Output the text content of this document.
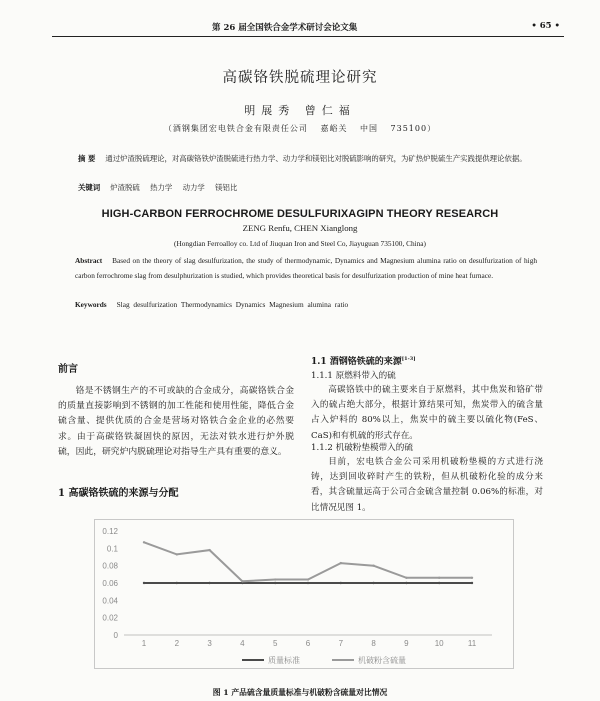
第 26 届全国铁合金学术研讨会论文集	• 65 •
高碳铬铁脱硫理论研究
明展秀 曾仁福
（酒钢集团宏电铁合金有限责任公司 嘉峪关 中国 735100）
摘 要 通过炉渣脱硫理论，对高碳铬铁炉渣脱硫进行热力学、动力学和镁铝比对脱硫影响的研究，为矿热炉脱硫生产实践提供理论依据。
关键词 炉渣脱硫 热力学 动力学 镁铝比
HIGH-CARBON FERROCHROME DESULFURIXAGIPN THEORY RESEARCH
ZENG Renfu, CHEN Xianglong
(Hongdian Ferroalloy co. Ltd of Jiuquan Iron and Steel Co, Jiayuguan 735100, China)
Abstract Based on the theory of slag desulfurization, the study of thermodynamic, Dynamics and Magnesium alumina ratio on desulfurization of high carbon ferrochrome slag from desulphurization is studied, which provides theoretical basis for desulfurization production of mine heat furnace.
Keywords Slag desulfurization Thermodynamics Dynamics Magnesium alumina ratio
前言
铬是不锈钢生产的不可或缺的合金成分，高碳铬铁合金的质量直接影响到不锈钢的加工性能和使用性能，降低合金硫含量、提供优质的合金是营场对铬铁合金企业的必然要求。由于高碳铬铁凝固快的原因，无法对铁水进行炉外脱硫，因此，研究炉内脱硫理论对指导生产具有重要的意义。
1 高碳铬铁硫的来源与分配
1.1 酒钢铬铁硫的来源[1-3]
1.1.1 原燃料带入的硫
高碳铬铁中的硫主要来自于原燃料，其中焦炭和铬矿带入的硫占绝大部分，根据计算结果可知，焦炭带入的硫含量占入炉料的 80%以上，焦炭中的硫主要以硫化物(FeS、CaS)和有机硫的形式存在。
1.1.2 机破粉垫模带入的硫
目前，宏电铁合金公司采用机破粉垫模的方式进行浇铸，达到回收碎时产生的铁粉，但从机破粉化验的成分来看，其含硫量远高于公司合金硫含量控制 0.06%的标准，对比情况见图 1。
0
0.02
0.04
0.06
0.08
0.1
0.12
1	2	3	4	5	6	7	8	9	10	11
质量标准	机破粉含硫量
图 1 产品硫含量质量标准与机破粉含硫量对比情况
